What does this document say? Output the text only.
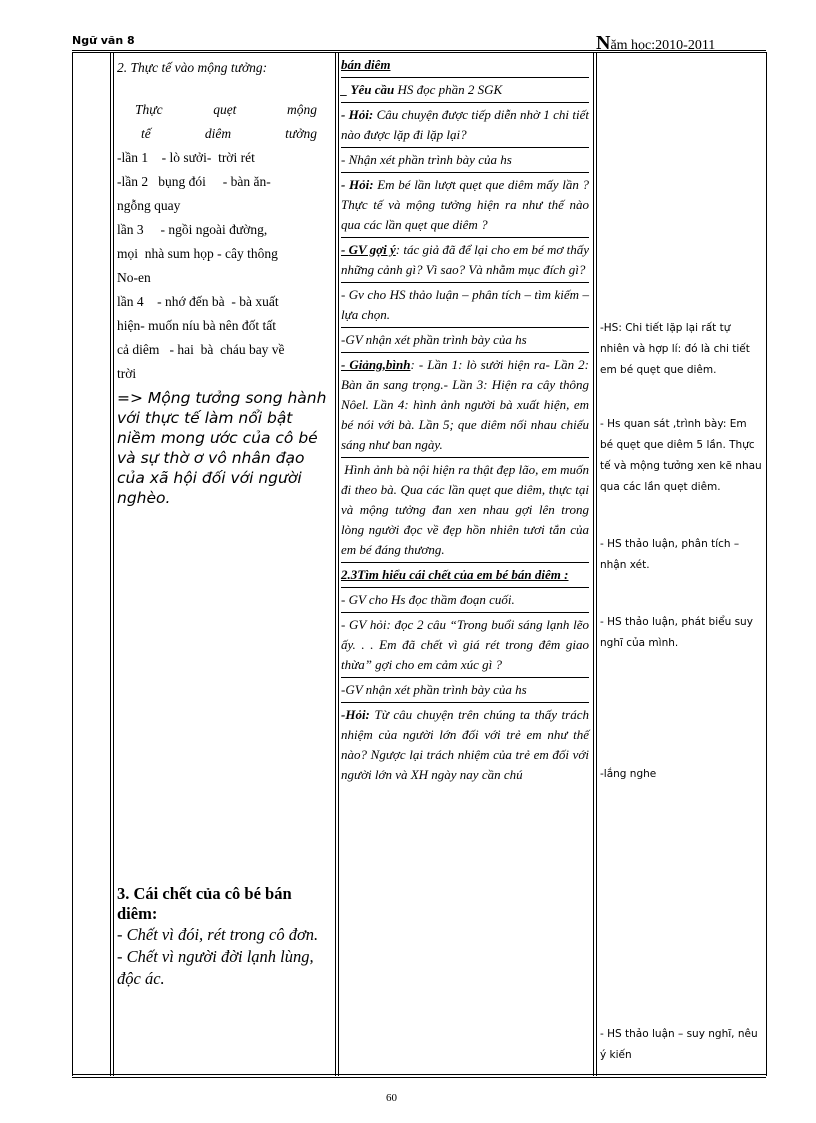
Ngữ văn 8	Năm học:2010-2011
2. Thực tế vào mộng tưởng:
Thực	quẹt	mộng
tế	diêm	tưởng
-lần 1    - lò sưởi-  trời rét
-lần 2   bụng đói     - bàn ăn-
ngỗng quay
lần 3     - ngồi ngoài đường,
mọi  nhà sum họp - cây thông
No-en
lần 4    - nhớ đến bà  - bà xuất
hiện- muốn níu bà nên đốt tất
cả diêm   - hai  bà  cháu bay về
trời
=> Mộng tưởng song hành với thực tế làm nổi bật niềm mong ước của cô bé và sự thờ ơ vô nhân đạo của xã hội đối với người nghèo.
3. Cái chết của cô bé bán diêm:
- Chết vì đói, rét trong cô đơn.
- Chết vì người đời lạnh lùng, độc ác.
bán diêm
_ Yêu cầu HS đọc phần 2 SGK
- Hỏi: Câu chuyện được tiếp diễn nhờ 1 chi tiết nào được lặp đi lặp lại?
- Nhận xét phần trình bày của hs
- Hỏi: Em bé lần lượt quẹt que diêm mấy lần ? Thực tế và mộng tưởng hiện ra như thế nào qua các lần quẹt que diêm ?
- GV gợi ý: tác giả đã để lại cho em bé mơ thấy những cảnh gì? Vì sao? Và nhằm mục đích gì?
- Gv cho HS thảo luận – phân tích – tìm kiếm – lựa chọn.
-GV nhận xét phần trình bày của hs
- Giảng,bình: - Lần 1: lò sưởi hiện ra- Lần 2: Bàn ăn sang trọng.- Lần 3: Hiện ra cây thông Nôel. Lần 4: hình ảnh người bà xuất hiện, em bé nói với bà. Lần 5; que diêm nối nhau chiếu sáng như ban ngày.
Hình ảnh bà nội hiện ra thật đẹp lão, em muốn đi theo bà. Qua các lần quẹt que diêm, thực tại và mộng tưởng đan xen nhau gợi lên trong lòng người đọc về đẹp hồn nhiên tươi tắn của em bé đáng thương.
2.3Tìm hiểu cái chết của em bé bán diêm :
- GV cho Hs đọc thầm đoạn cuối.
- GV hỏi: đọc 2 câu “Trong buổi sáng lạnh lẽo ấy. . . Em đã chết vì giá rét trong đêm giao thừa” gợi cho em cảm xúc gì ?
-GV nhận xét phần trình bày của hs
-Hỏi: Từ câu chuyện trên chúng ta thấy trách nhiệm của người lớn đối với trẻ em như thế nào? Ngược lại trách nhiệm của trẻ em đối với người lớn và XH ngày nay cần chú

-HS: Chi tiết lặp lại rất tự nhiên và hợp lí: đó là chi tiết em bé quẹt que diêm.

- Hs quan sát ,trình bày: Em bé quẹt que diêm 5 lần. Thực tế và mộng tưởng xen kẽ nhau qua các lần quẹt diêm.

- HS thảo luận, phân tích – nhận xét.

- HS thảo luận, phát biểu suy nghĩ của mình.

-lắng nghe

- HS thảo luận – suy nghĩ, nêu ý kiến

60
